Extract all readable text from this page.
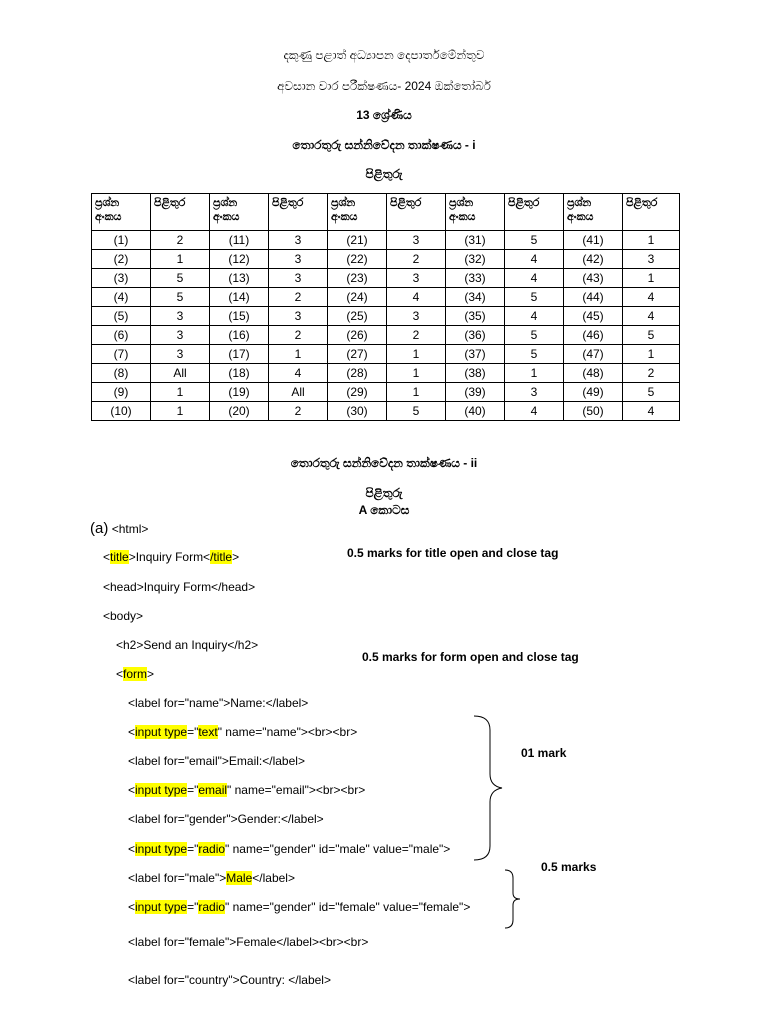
දකුණු පළාත් අධ්‍යාපන දෙපාර්තමේන්තුව
අවසාන වාර පරීක්ෂණය- 2024 ඔක්තෝබර්
13 ශ්‍රේණිය
තොරතුරු සන්නිවේදන තාක්ෂණය - i
පිළිතුරු
ප්‍රශ්න අංකය	පිළිතුර	ප්‍රශ්න අංකය	පිළිතුර	ප්‍රශ්න අංකය	පිළිතුර	ප්‍රශ්න අංකය	පිළිතුර	ප්‍රශ්න අංකය	පිළිතුර
(1)	2	(11)	3	(21)	3	(31)	5	(41)	1
(2)	1	(12)	3	(22)	2	(32)	4	(42)	3
(3)	5	(13)	3	(23)	3	(33)	4	(43)	1
(4)	5	(14)	2	(24)	4	(34)	5	(44)	4
(5)	3	(15)	3	(25)	3	(35)	4	(45)	4
(6)	3	(16)	2	(26)	2	(36)	5	(46)	5
(7)	3	(17)	1	(27)	1	(37)	5	(47)	1
(8)	All	(18)	4	(28)	1	(38)	1	(48)	2
(9)	1	(19)	All	(29)	1	(39)	3	(49)	5
(10)	1	(20)	2	(30)	5	(40)	4	(50)	4
තොරතුරු සන්නිවේදන තාක්ෂණය - ii
පිළිතුරු
A කොටස
(a) <html>
<title>Inquiry Form</title>
<head>Inquiry Form</head>
<body>
<h2>Send an Inquiry</h2>
<form>
<label for="name">Name:</label>
<input type="text" name="name"><br><br>
<label for="email">Email:</label>
<input type="email" name="email"><br><br>
<label for="gender">Gender:</label>
<input type="radio" name="gender" id="male" value="male">
<label for="male">Male</label>
<input type="radio" name="gender" id="female" value="female">
<label for="female">Female</label><br><br>
<label for="country">Country: </label>
0.5 marks for title open and close tag
0.5 marks for form open and close tag
01 mark
0.5 marks
